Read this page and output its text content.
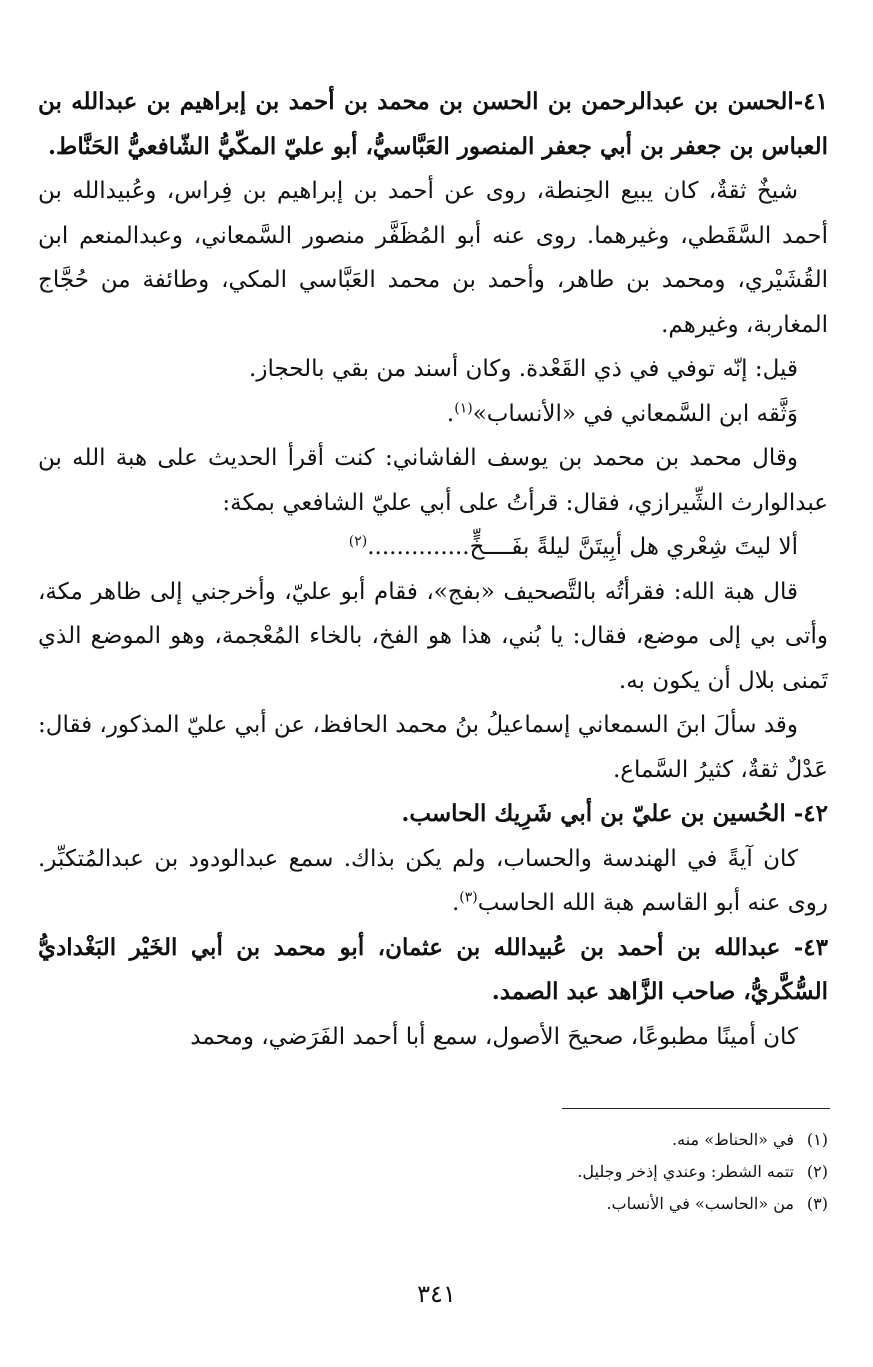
٤١-الحسن بن عبدالرحمن بن الحسن بن محمد بن أحمد بن إبراهيم بن عبدالله بن العباس بن جعفر بن أبي جعفر المنصور العَبَّاسيُّ، أبو عليّ المكّيُّ الشّافعيُّ الحَنَّاط.

شيخٌ ثقةٌ، كان يبيع الحِنطة، روى عن أحمد بن إبراهيم بن فِراس، وعُبيدالله بن أحمد السَّقَطي، وغيرهما. روى عنه أبو المُظَفَّر منصور السَّمعاني، وعبدالمنعم ابن القُشَيْري، ومحمد بن طاهر، وأحمد بن محمد العَبَّاسي المكي، وطائفة من حُجَّاج المغاربة، وغيرهم.

قيل: إنّه توفي في ذي القَعْدة. وكان أسند من بقي بالحجاز.

وَثَّقه ابن السَّمعاني في «الأنساب»$^{(١)}$.

وقال محمد بن محمد بن يوسف الفاشاني: كنت أقرأ الحديث على هبة الله بن عبدالوارث الشِّيرازي، فقال: قرأتُ على أبي عليّ الشافعي بمكة:

ألا ليتَ شِعْري هل أبِيتَنَّ ليلةً بفَــــخٍّ..............$^{(٢)}$

قال هبة الله: فقرأتُه بالتَّصحيف «بفج»، فقام أبو عليّ، وأخرجني إلى ظاهر مكة، وأتى بي إلى موضع، فقال: يا بُني، هذا هو الفخ، بالخاء المُعْجمة، وهو الموضع الذي تَمنى بلال أن يكون به.

وقد سألَ ابنَ السمعاني إسماعيلُ بنُ محمد الحافظ، عن أبي عليّ المذكور، فقال: عَدْلٌ ثقةٌ، كثيرُ السَّماع.

٤٢- الحُسين بن عليّ بن أبي شَرِيك الحاسب.

كان آيةً في الهندسة والحساب، ولم يكن بذاك. سمع عبدالودود بن عبدالمُتكبِّر. روى عنه أبو القاسم هبة الله الحاسب$^{(٣)}$.

٤٣- عبدالله بن أحمد بن عُبيدالله بن عثمان، أبو محمد بن أبي الخَيْر البَغْداديُّ السُّكَّريُّ، صاحب الزَّاهد عبد الصمد.

كان أمينًا مطبوعًا، صحيحَ الأصول، سمع أبا أحمد الفَرَضي، ومحمد

(١)في «الحناط» منه.

(٢)تتمه الشطر: وعندي إذخر وجليل.

(٣)من «الحاسب» في الأنساب.

٣٤١
